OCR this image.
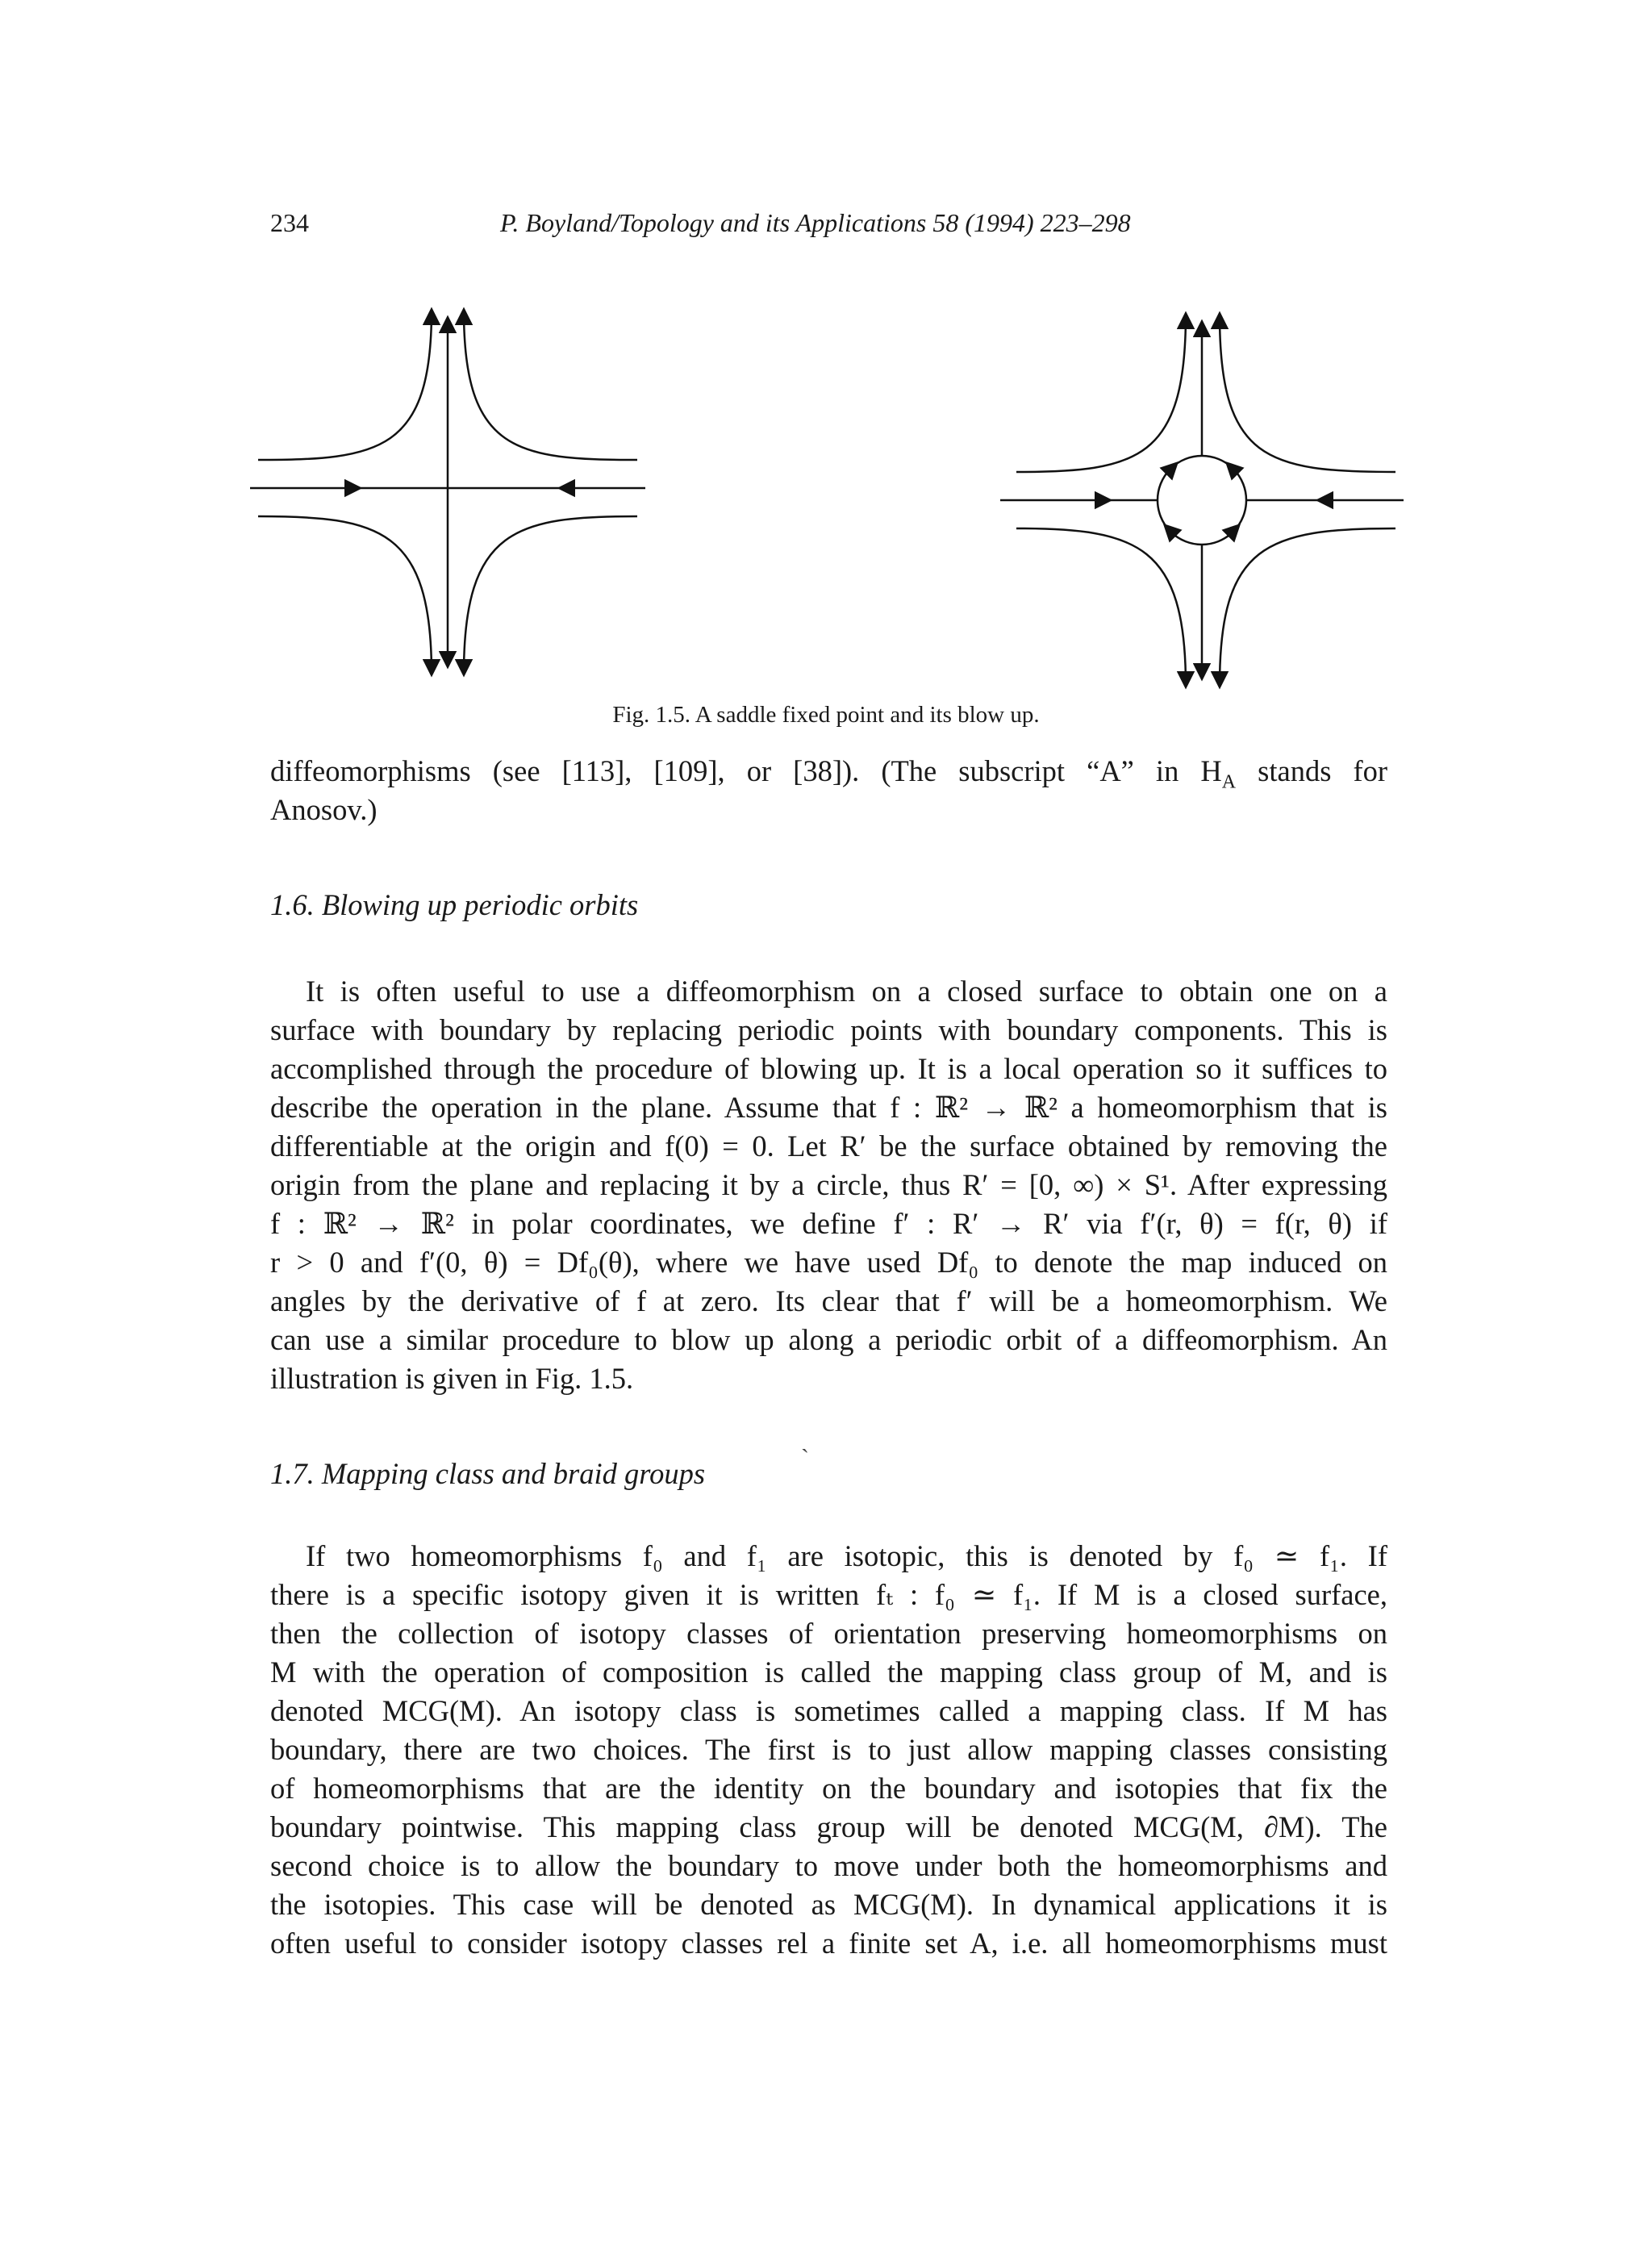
234	P. Boyland/Topology and its Applications 58 (1994) 223–298
Fig. 1.5. A saddle fixed point and its blow up.
diffeomorphisms (see [113], [109], or [38]). (The subscript “A” in $H_A$ stands for
Anosov.)
1.6. Blowing up periodic orbits
It is often useful to use a diffeomorphism on a closed surface to obtain one on a
surface with boundary by replacing periodic points with boundary components. This is
accomplished through the procedure of blowing up. It is a local operation so it suffices to
describe the operation in the plane. Assume that f : ℝ² → ℝ² a homeomorphism that is
differentiable at the origin and f(0) = 0. Let R′ be the surface obtained by removing the
origin from the plane and replacing it by a circle, thus R′ = [0, ∞) × S¹. After expressing
f : ℝ² → ℝ² in polar coordinates, we define f′ : R′ → R′ via f′(r, θ) = f(r, θ) if
r > 0 and f′(0, θ) = Df₀(θ), where we have used Df₀ to denote the map induced on
angles by the derivative of f at zero. Its clear that f′ will be a homeomorphism. We
can use a similar procedure to blow up along a periodic orbit of a diffeomorphism. An
illustration is given in Fig. 1.5.
ˎ
1.7. Mapping class and braid groups
If two homeomorphisms f₀ and f₁ are isotopic, this is denoted by f₀ ≃ f₁. If
there is a specific isotopy given it is written fₜ : f₀ ≃ f₁. If M is a closed surface,
then the collection of isotopy classes of orientation preserving homeomorphisms on
M with the operation of composition is called the mapping class group of M, and is
denoted MCG(M). An isotopy class is sometimes called a mapping class. If M has
boundary, there are two choices. The first is to just allow mapping classes consisting
of homeomorphisms that are the identity on the boundary and isotopies that fix the
boundary pointwise. This mapping class group will be denoted MCG(M, ∂M). The
second choice is to allow the boundary to move under both the homeomorphisms and
the isotopies. This case will be denoted as MCG(M). In dynamical applications it is
often useful to consider isotopy classes rel a finite set A, i.e. all homeomorphisms must
